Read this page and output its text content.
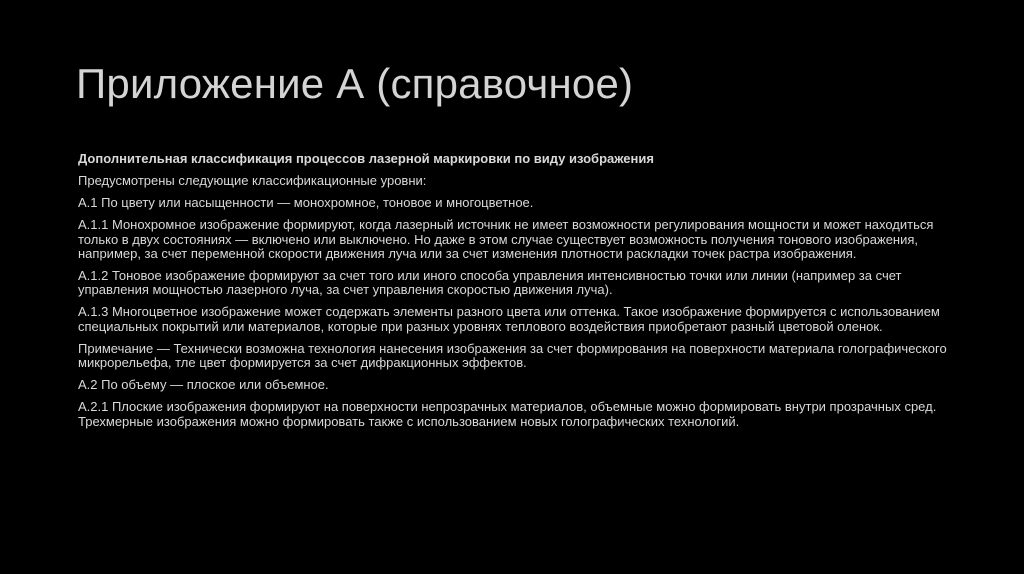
Приложение А (справочное)

Дополнительная классификация процессов лазерной маркировки по виду изображения

Предусмотрены следующие классификационные уровни:

А.1 По цвету или насыщенности — монохромное, тоновое и многоцветное.

А.1.1 Монохромное изображение формируют, когда лазерный источник не имеет возможности регулирования мощности и может находиться только в двух состояниях — включено или выключено. Но даже в этом случае существует возможность получения тонового изображения, например, за счет переменной скорости движения луча или за счет изменения плотности раскладки точек растра изображения.

А.1.2 Тоновое изображение формируют за счет того или иного способа управления интенсивностью точки или линии (например за счет управления мощностью лазерного луча, за счет управления скоростью движения луча).

А.1.3 Многоцветное изображение может содержать элементы разного цвета или оттенка. Такое изображение формируется с использованием специальных покрытий или материалов, которые при разных уровнях теплового воздействия приобретают разный цветовой оленок.

Примечание — Технически возможна технология нанесения изображения за счет формирования на поверхности материала голографического микрорельефа, тле цвет формируется за счет дифракционных эффектов.

А.2 По объему — плоское или объемное.

А.2.1 Плоские изображения формируют на поверхности непрозрачных материалов, объемные можно формировать внутри прозрачных сред. Трехмерные изображения можно формировать также с использованием новых голографических технологий.
